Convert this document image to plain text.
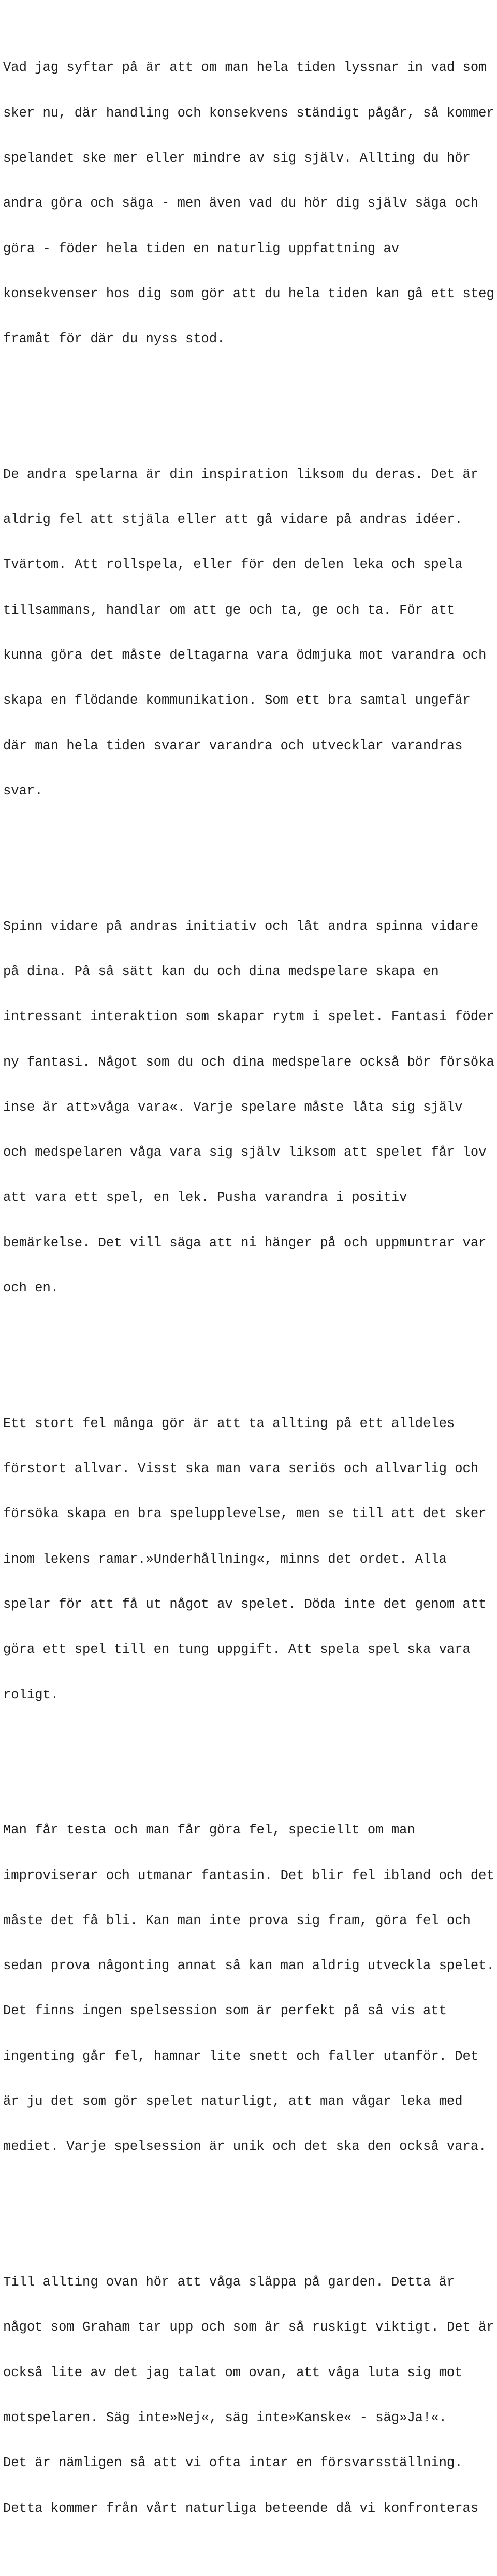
Vad jag syftar på är att om man hela tiden lyssnar in vad som

sker nu, där handling och konsekvens ständigt pågår, så kommer

spelandet ske mer eller mindre av sig själv. Allting du hör

andra göra och säga - men även vad du hör dig själv säga och

göra - föder hela tiden en naturlig uppfattning av

konsekvenser hos dig som gör att du hela tiden kan gå ett steg

framåt för där du nyss stod.

De andra spelarna är din inspiration liksom du deras. Det är

aldrig fel att stjäla eller att gå vidare på andras idéer.

Tvärtom. Att rollspela, eller för den delen leka och spela

tillsammans, handlar om att ge och ta, ge och ta. För att

kunna göra det måste deltagarna vara ödmjuka mot varandra och

skapa en flödande kommunikation. Som ett bra samtal ungefär

där man hela tiden svarar varandra och utvecklar varandras

svar.

Spinn vidare på andras initiativ och låt andra spinna vidare

på dina. På så sätt kan du och dina medspelare skapa en

intressant interaktion som skapar rytm i spelet. Fantasi föder

ny fantasi. Något som du och dina medspelare också bör försöka

inse är att»våga vara«. Varje spelare måste låta sig själv

och medspelaren våga vara sig själv liksom att spelet får lov

att vara ett spel, en lek. Pusha varandra i positiv

bemärkelse. Det vill säga att ni hänger på och uppmuntrar var

och en.

Ett stort fel många gör är att ta allting på ett alldeles

förstort allvar. Visst ska man vara seriös och allvarlig och

försöka skapa en bra spelupplevelse, men se till att det sker

inom lekens ramar.»Underhållning«, minns det ordet. Alla

spelar för att få ut något av spelet. Döda inte det genom att

göra ett spel till en tung uppgift. Att spela spel ska vara

roligt.

Man får testa och man får göra fel, speciellt om man

improviserar och utmanar fantasin. Det blir fel ibland och det

måste det få bli. Kan man inte prova sig fram, göra fel och

sedan prova någonting annat så kan man aldrig utveckla spelet.

Det finns ingen spelsession som är perfekt på så vis att

ingenting går fel, hamnar lite snett och faller utanför. Det

är ju det som gör spelet naturligt, att man vågar leka med

mediet. Varje spelsession är unik och det ska den också vara.

Till allting ovan hör att våga släppa på garden. Detta är

något som Graham tar upp och som är så ruskigt viktigt. Det är

också lite av det jag talat om ovan, att våga luta sig mot

motspelaren. Säg inte»Nej«, säg inte»Kanske« - säg»Ja!«.

Det är nämligen så att vi ofta intar en försvarsställning.

Detta kommer från vårt naturliga beteende då vi konfronteras
